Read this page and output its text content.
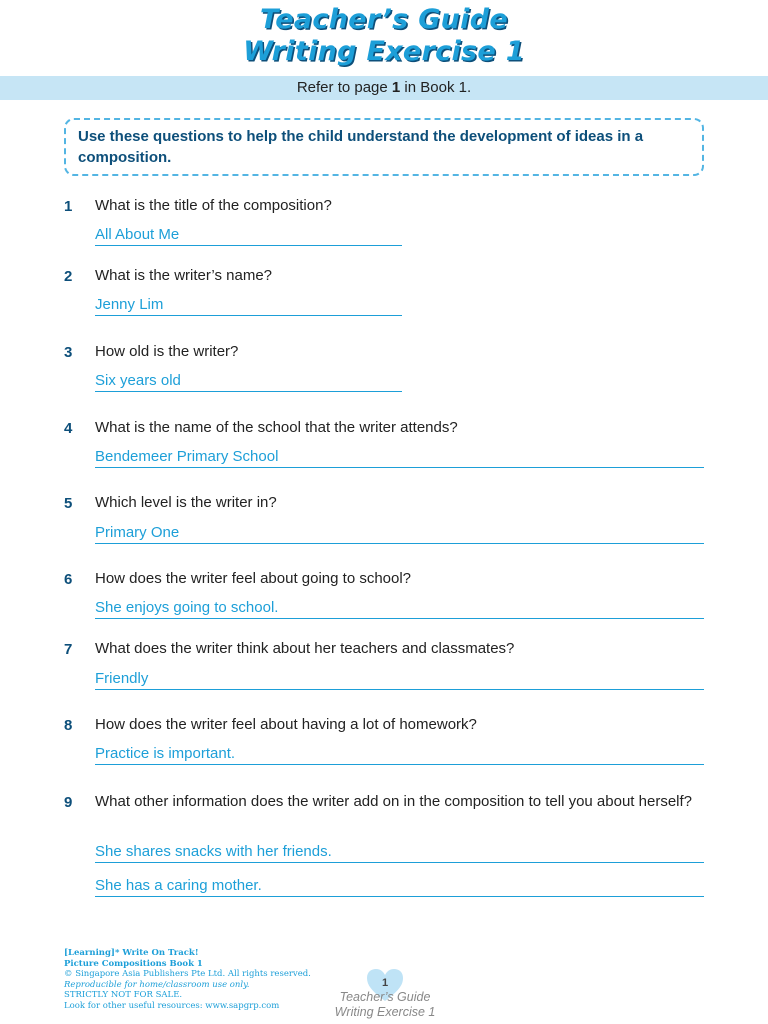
Teacher’s Guide
Writing Exercise 1
Refer to page 1 in Book 1.

Use these questions to help the child understand the development of ideas in a composition.

1 What is the title of the composition?
All About Me
2 What is the writer’s name?
Jenny Lim
3 How old is the writer?
Six years old
4 What is the name of the school that the writer attends?
Bendemeer Primary School
5 Which level is the writer in?
Primary One
6 How does the writer feel about going to school?
She enjoys going to school.
7 What does the writer think about her teachers and classmates?
Friendly
8 How does the writer feel about having a lot of homework?
Practice is important.
9 What other information does the writer add on in the composition to tell you about herself?
She shares snacks with her friends.
She has a caring mother.
[Learning]* Write On Track!
Picture Compositions Book 1
© Singapore Asia Publishers Pte Ltd. All rights reserved.
Reproducible for home/classroom use only.
STRICTLY NOT FOR SALE.
Look for other useful resources: www.sapgrp.com
1
Teacher’s Guide
Writing Exercise 1
